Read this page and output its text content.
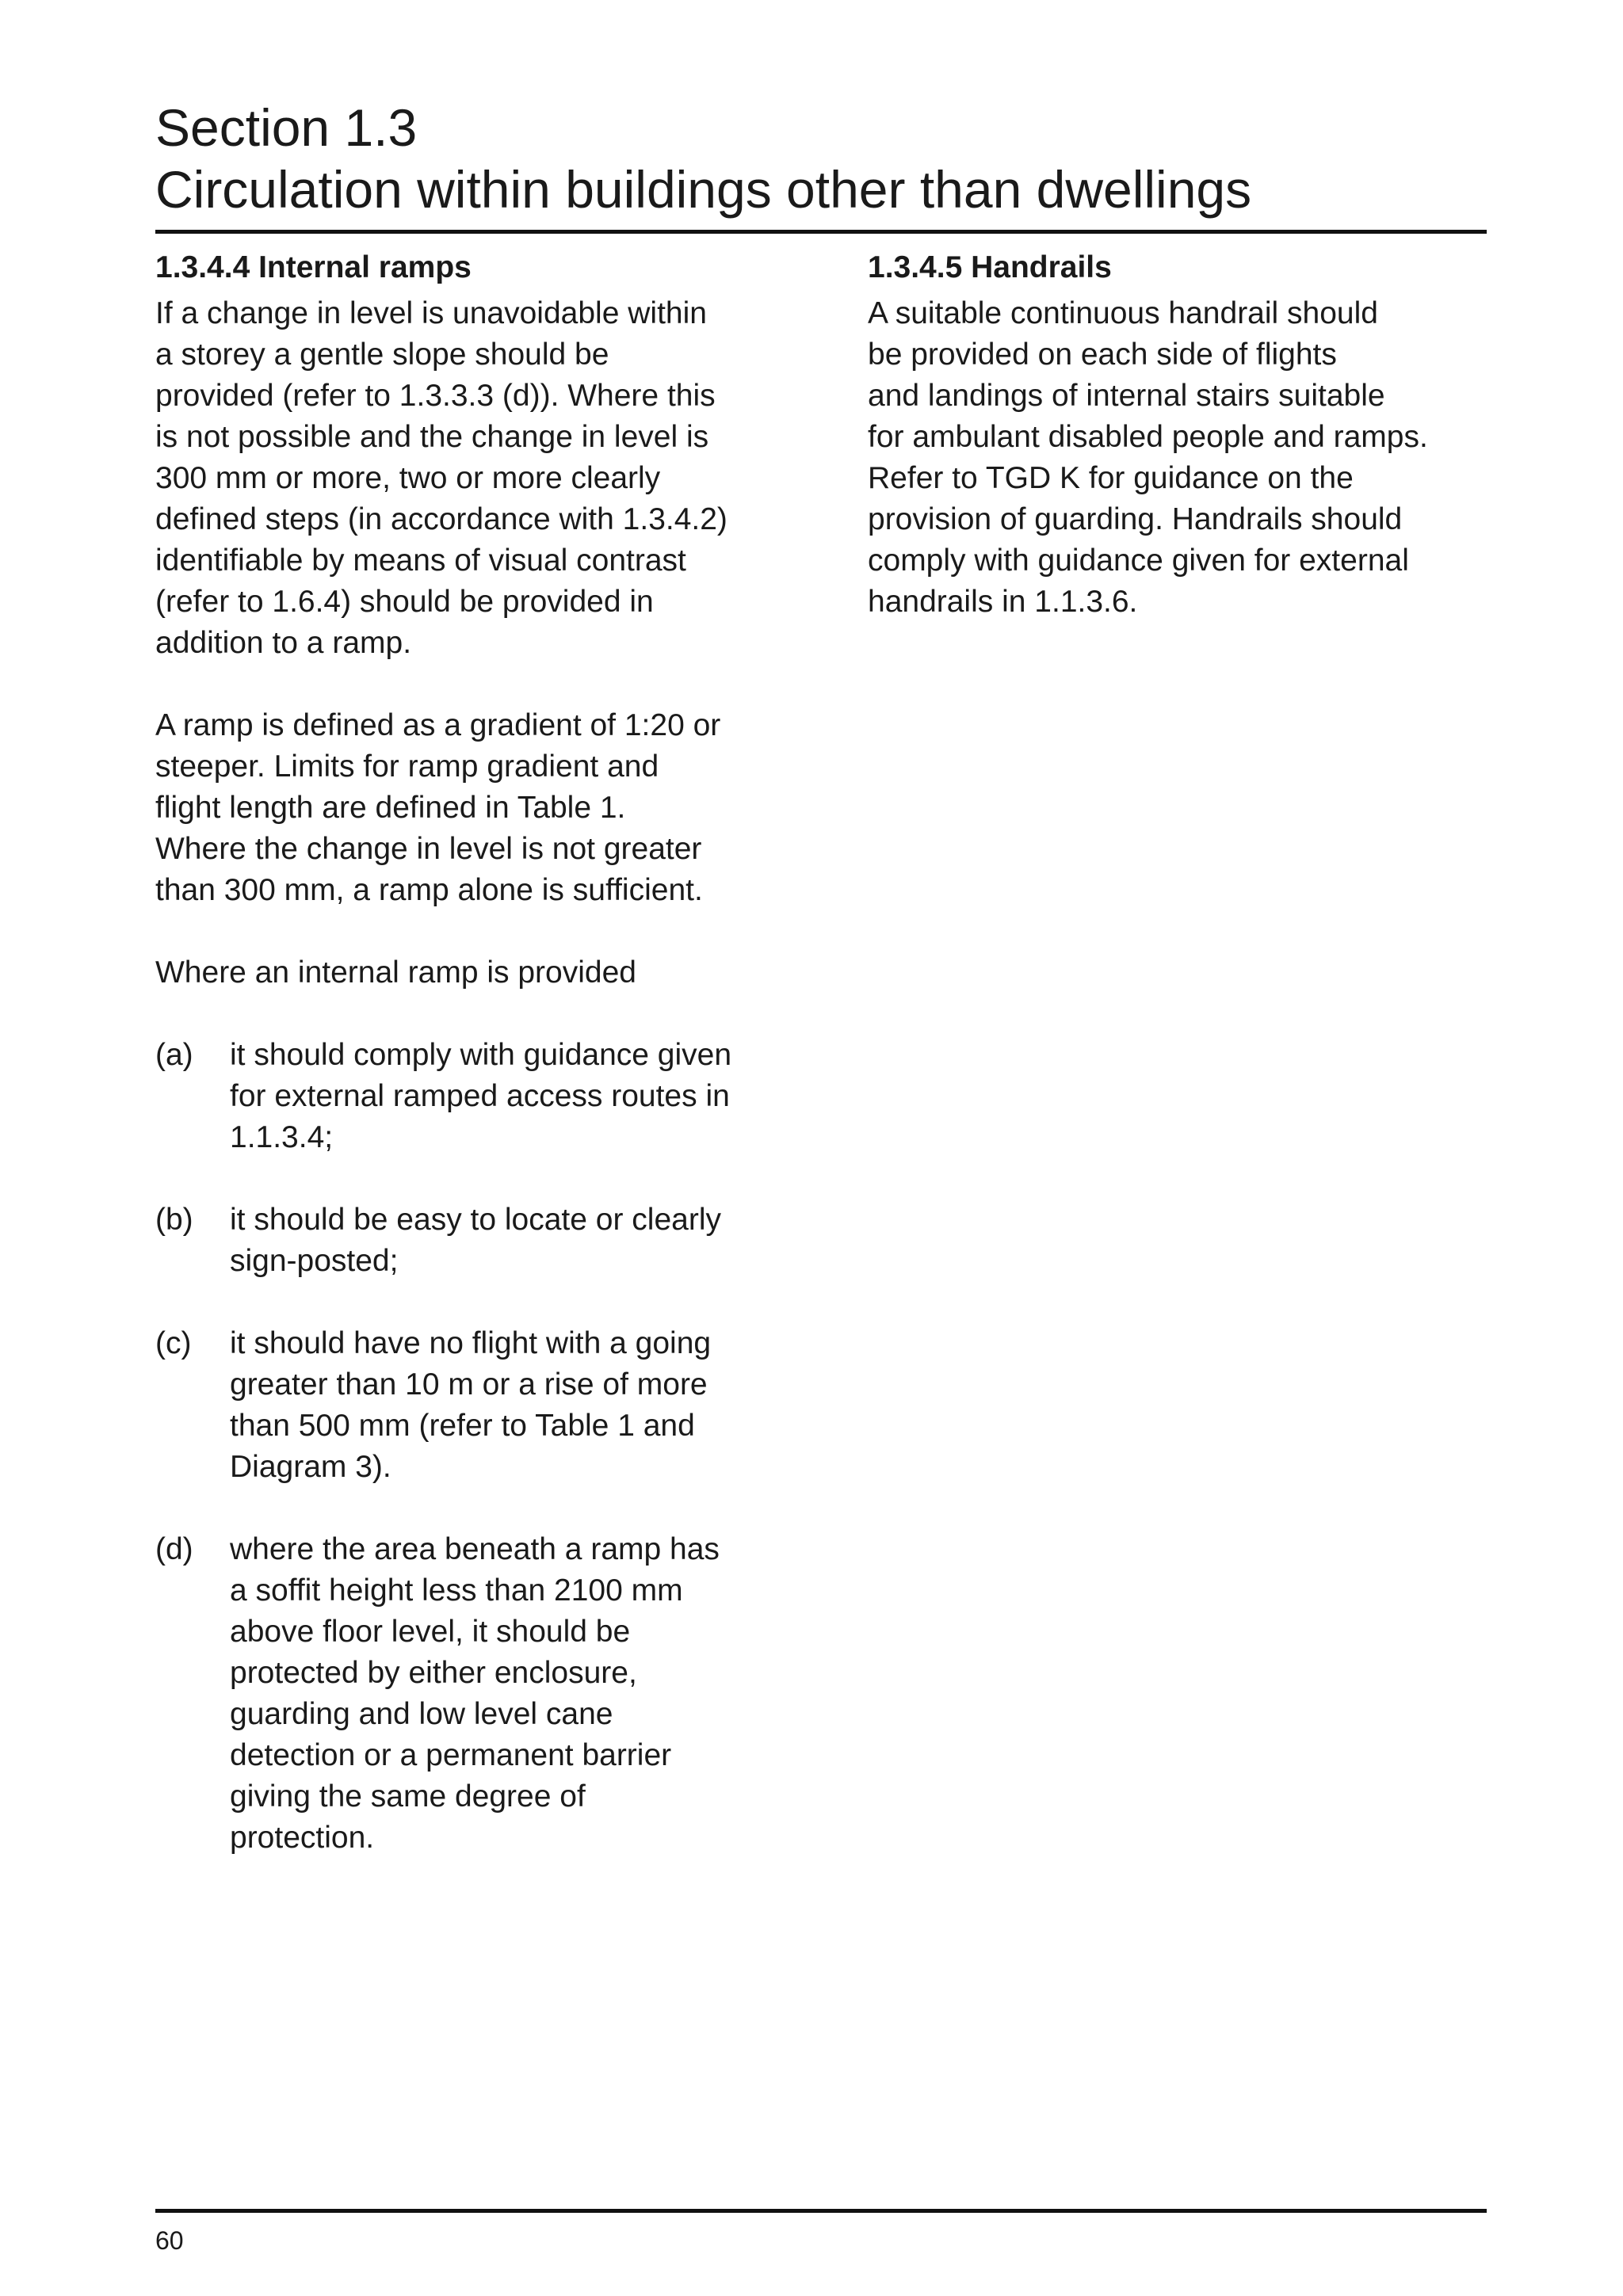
Section 1.3
Circulation within buildings other than dwellings
1.3.4.4 Internal ramps
If a change in level is unavoidable within
a storey a gentle slope should be
provided (refer to 1.3.3.3 (d)). Where this
is not possible and the change in level is
300 mm or more, two or more clearly
defined steps (in accordance with 1.3.4.2)
identifiable by means of visual contrast
(refer to 1.6.4) should be provided in
addition to a ramp.
A ramp is defined as a gradient of 1:20 or
steeper. Limits for ramp gradient and
flight length are defined in Table 1.
Where the change in level is not greater
than 300 mm, a ramp alone is sufficient.
Where an internal ramp is provided
(a) it should comply with guidance given
for external ramped access routes in
1.1.3.4;
(b) it should be easy to locate or clearly
sign-posted;
(c) it should have no flight with a going
greater than 10 m or a rise of more
than 500 mm (refer to Table 1 and
Diagram 3).
(d) where the area beneath a ramp has
a soffit height less than 2100 mm
above floor level, it should be
protected by either enclosure,
guarding and low level cane
detection or a permanent barrier
giving the same degree of
protection.
1.3.4.5 Handrails
A suitable continuous handrail should
be provided on each side of flights
and landings of internal stairs suitable
for ambulant disabled people and ramps.
Refer to TGD K for guidance on the
provision of guarding. Handrails should
comply with guidance given for external
handrails in 1.1.3.6.
60
